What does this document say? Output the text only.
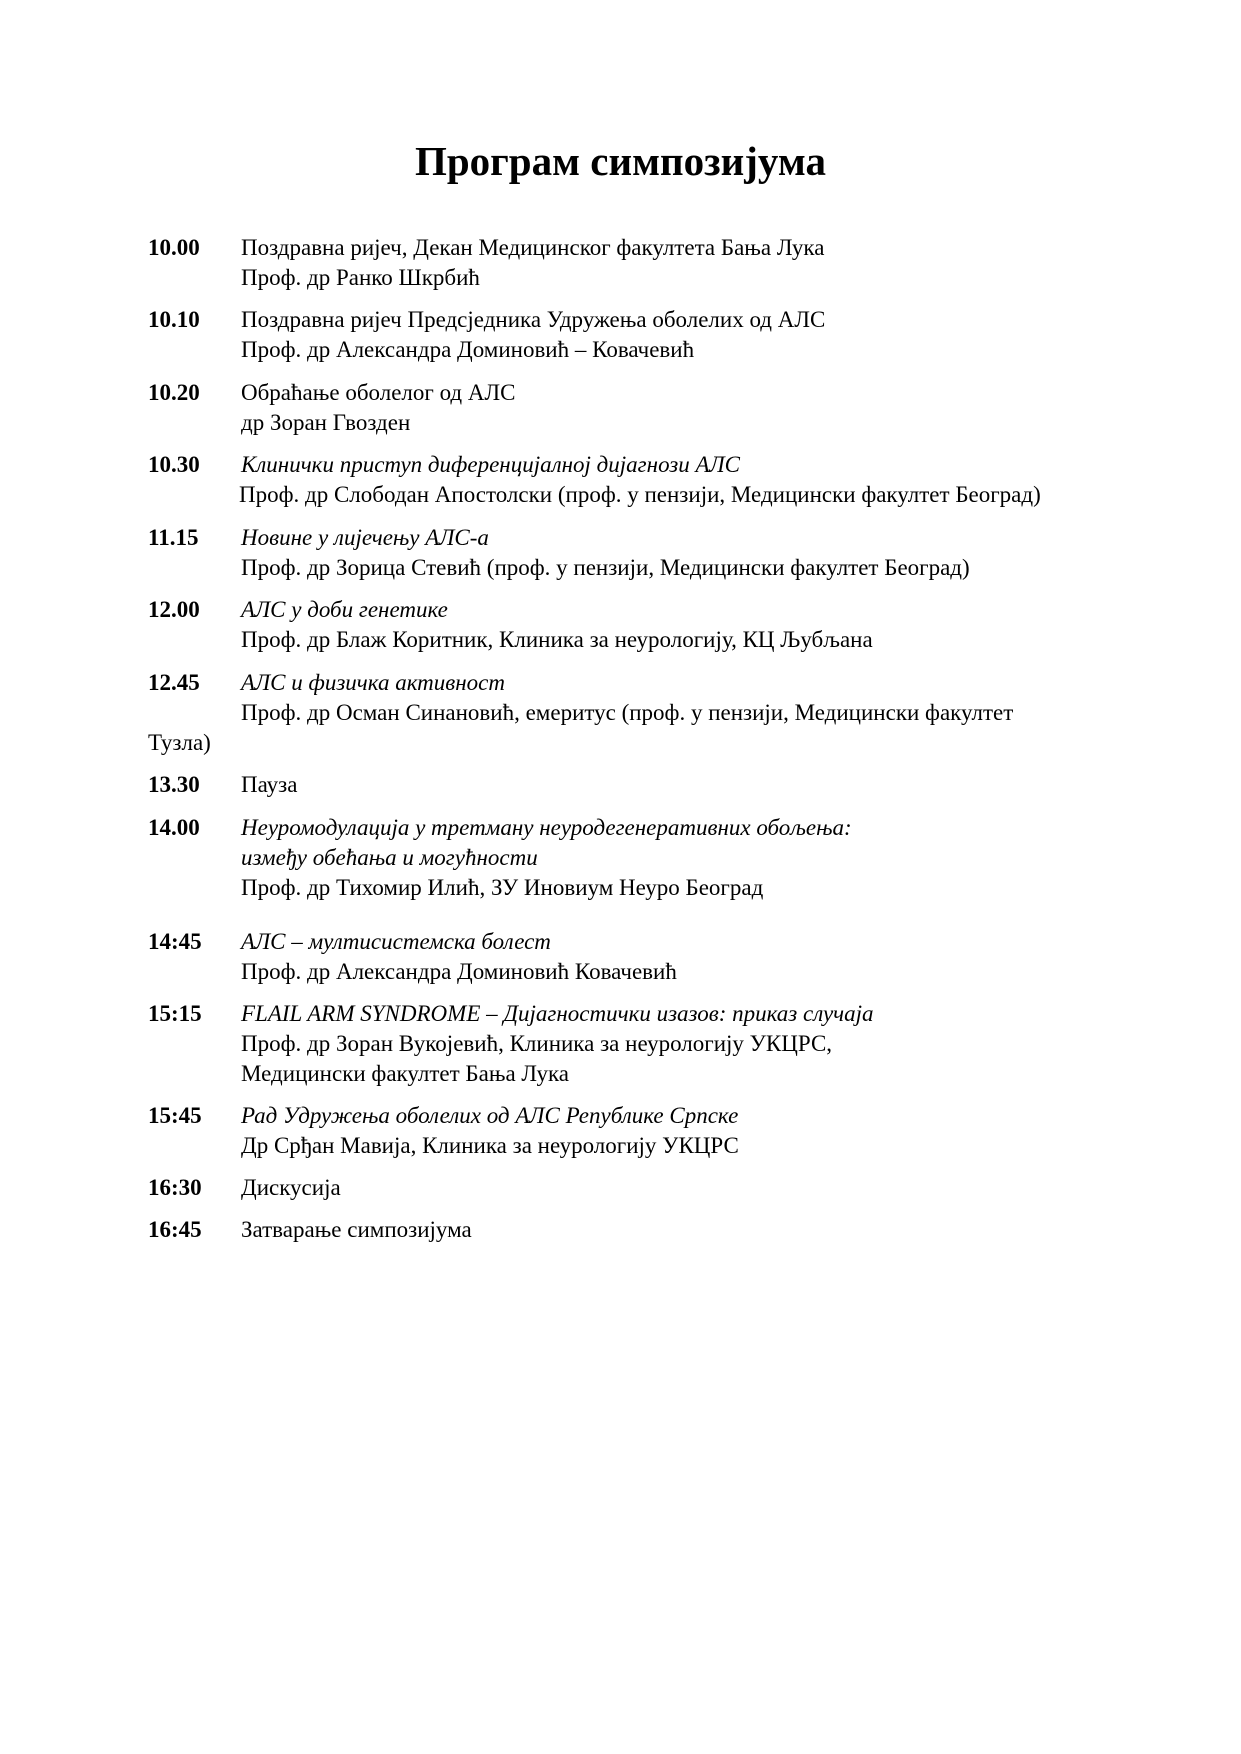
Програм симпозијума
10.00 Поздравна ријеч, Декан Медицинског факултета Бања Лука
Проф. др Ранко Шкрбић
10.10 Поздравна ријеч Предсједника Удружења оболелих од АЛС
Проф. др Александра Доминовић – Ковачевић
10.20 Обраћање оболелог од АЛС
др Зоран Гвозден
10.30 Клинички приступ диференцијалној дијагнози АЛС
Проф. др Слободан Апостолски (проф. у пензији, Медицински факултет Београд)
11.15 Новине у лијечењу АЛС-а
Проф. др Зорица Стевић (проф. у пензији, Медицински факултет Београд)
12.00 АЛС у доби генетике
Проф. др Блаж Коритник, Клиника за неурологију, КЦ Љубљана
12.45 АЛС и физичка активност
Проф. др Осман Синановић, емеритус (проф. у пензији, Медицински факултет
Тузла)
13.30 Пауза
14.00 Неуромодулација у третману неуродегенеративних обољења:
између обећања и могућности
Проф. др Тихомир Илић, ЗУ Иновиум Неуро Београд
14:45 АЛС – мултисистемска болест
Проф. др Александра Доминовић Ковачевић
15:15 FLAIL ARM SYNDROME – Дијагностички изазов: приказ случаја
Проф. др Зоран Вукојевић, Клиника за неурологију УКЦРС,
Медицински факултет Бања Лука
15:45 Рад Удружења оболелих од АЛС Републике Српске
Др Срђан Мавија, Клиника за неурологију УКЦРС
16:30 Дискусија
16:45 Затварање симпозијума
